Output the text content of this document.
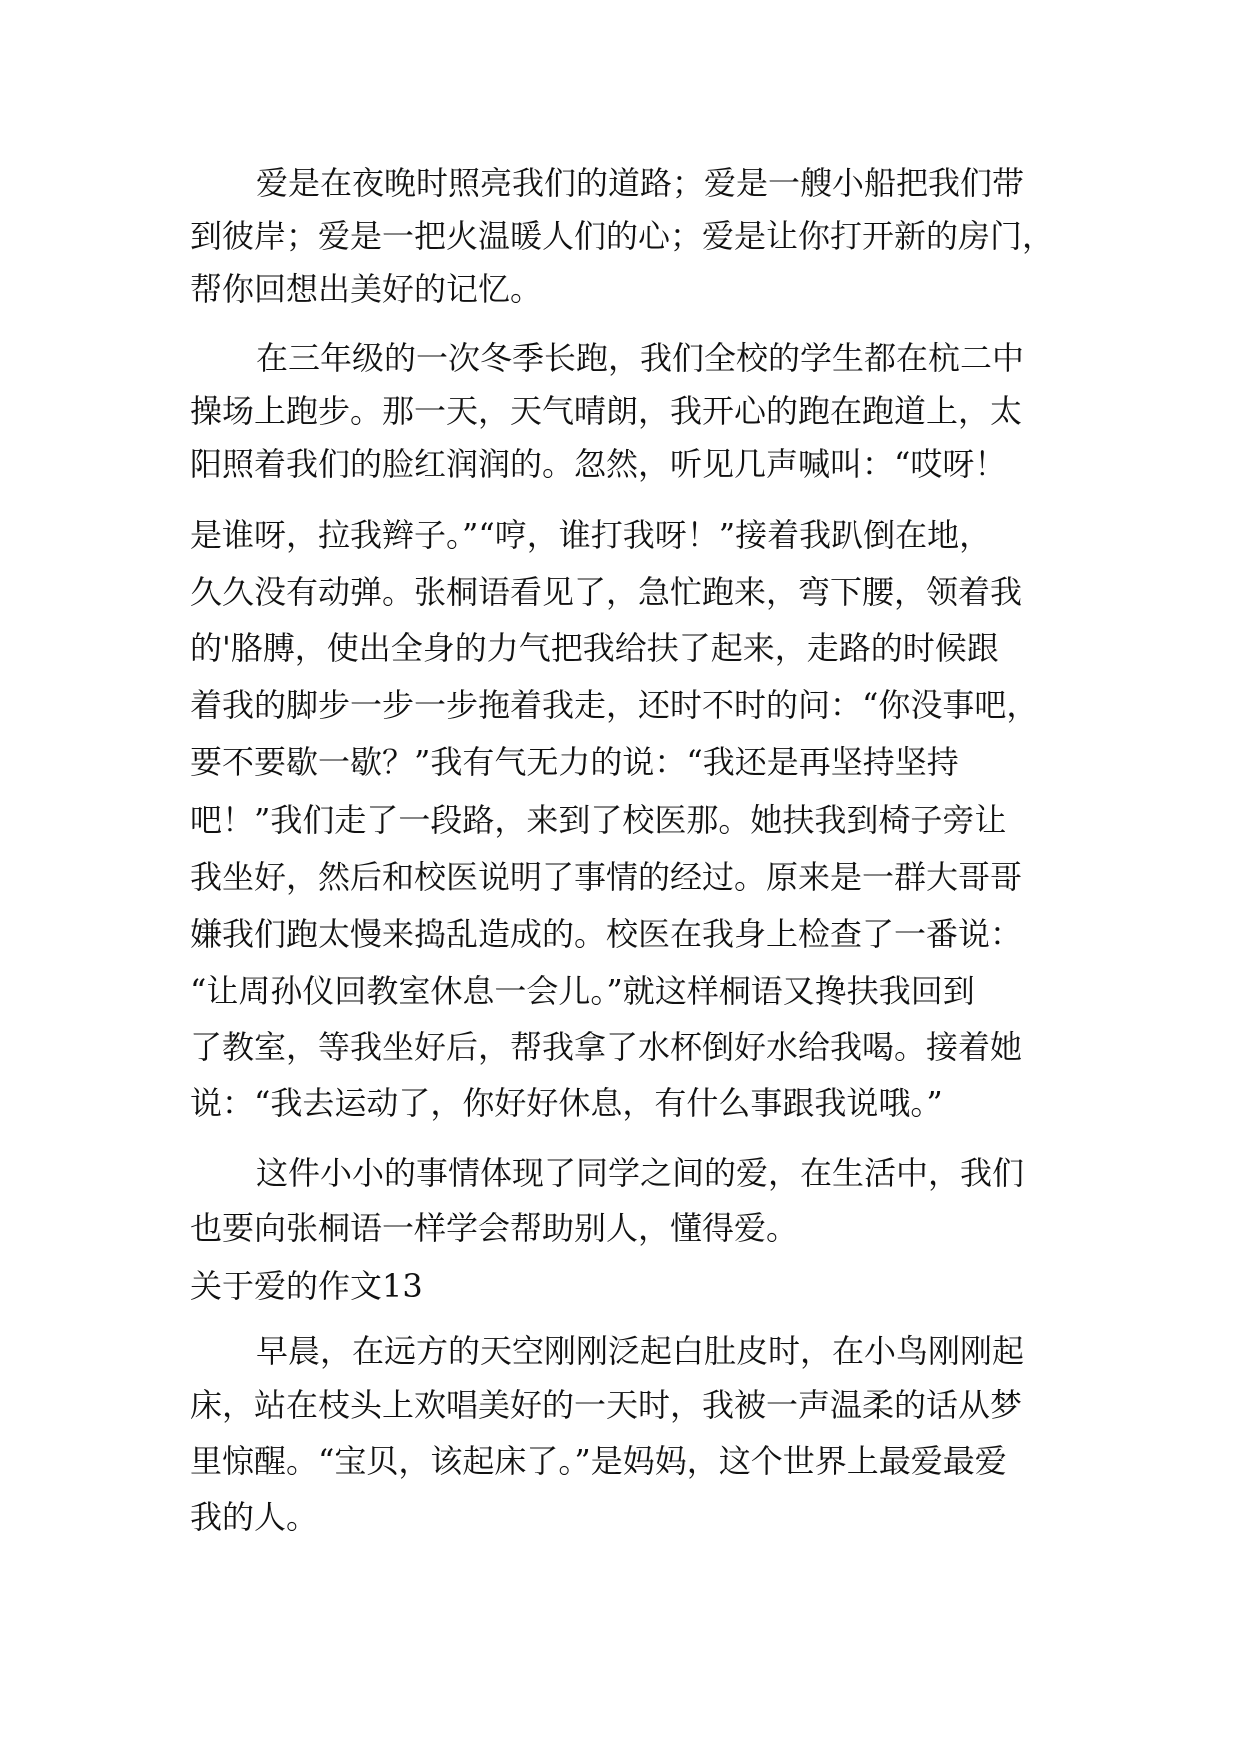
爱是在夜晚时照亮我们的道路；爱是一艘小船把我们带
到彼岸；爱是一把火温暖人们的心；爱是让你打开新的房门，
帮你回想出美好的记忆。
在三年级的一次冬季长跑，我们全校的学生都在杭二中
操场上跑步。那一天，天气晴朗，我开心的跑在跑道上，太
阳照着我们的脸红润润的。忽然，听见几声喊叫：“哎呀！
是谁呀，拉我辫子。”“哼，谁打我呀！”接着我趴倒在地，
久久没有动弹。张桐语看见了，急忙跑来，弯下腰，领着我
的'胳膊，使出全身的力气把我给扶了起来，走路的时候跟
着我的脚步一步一步拖着我走，还时不时的问：“你没事吧，
要不要歇一歇？”我有气无力的说：“我还是再坚持坚持
吧！”我们走了一段路，来到了校医那。她扶我到椅子旁让
我坐好，然后和校医说明了事情的经过。原来是一群大哥哥
嫌我们跑太慢来捣乱造成的。校医在我身上检查了一番说：
“让周孙仪回教室休息一会儿。”就这样桐语又搀扶我回到
了教室，等我坐好后，帮我拿了水杯倒好水给我喝。接着她
说：“我去运动了，你好好休息，有什么事跟我说哦。”
这件小小的事情体现了同学之间的爱，在生活中，我们
也要向张桐语一样学会帮助别人，懂得爱。
关于爱的作文13
早晨，在远方的天空刚刚泛起白肚皮时，在小鸟刚刚起
床，站在枝头上欢唱美好的一天时，我被一声温柔的话从梦
里惊醒。“宝贝，该起床了。”是妈妈，这个世界上最爱最爱
我的人。
